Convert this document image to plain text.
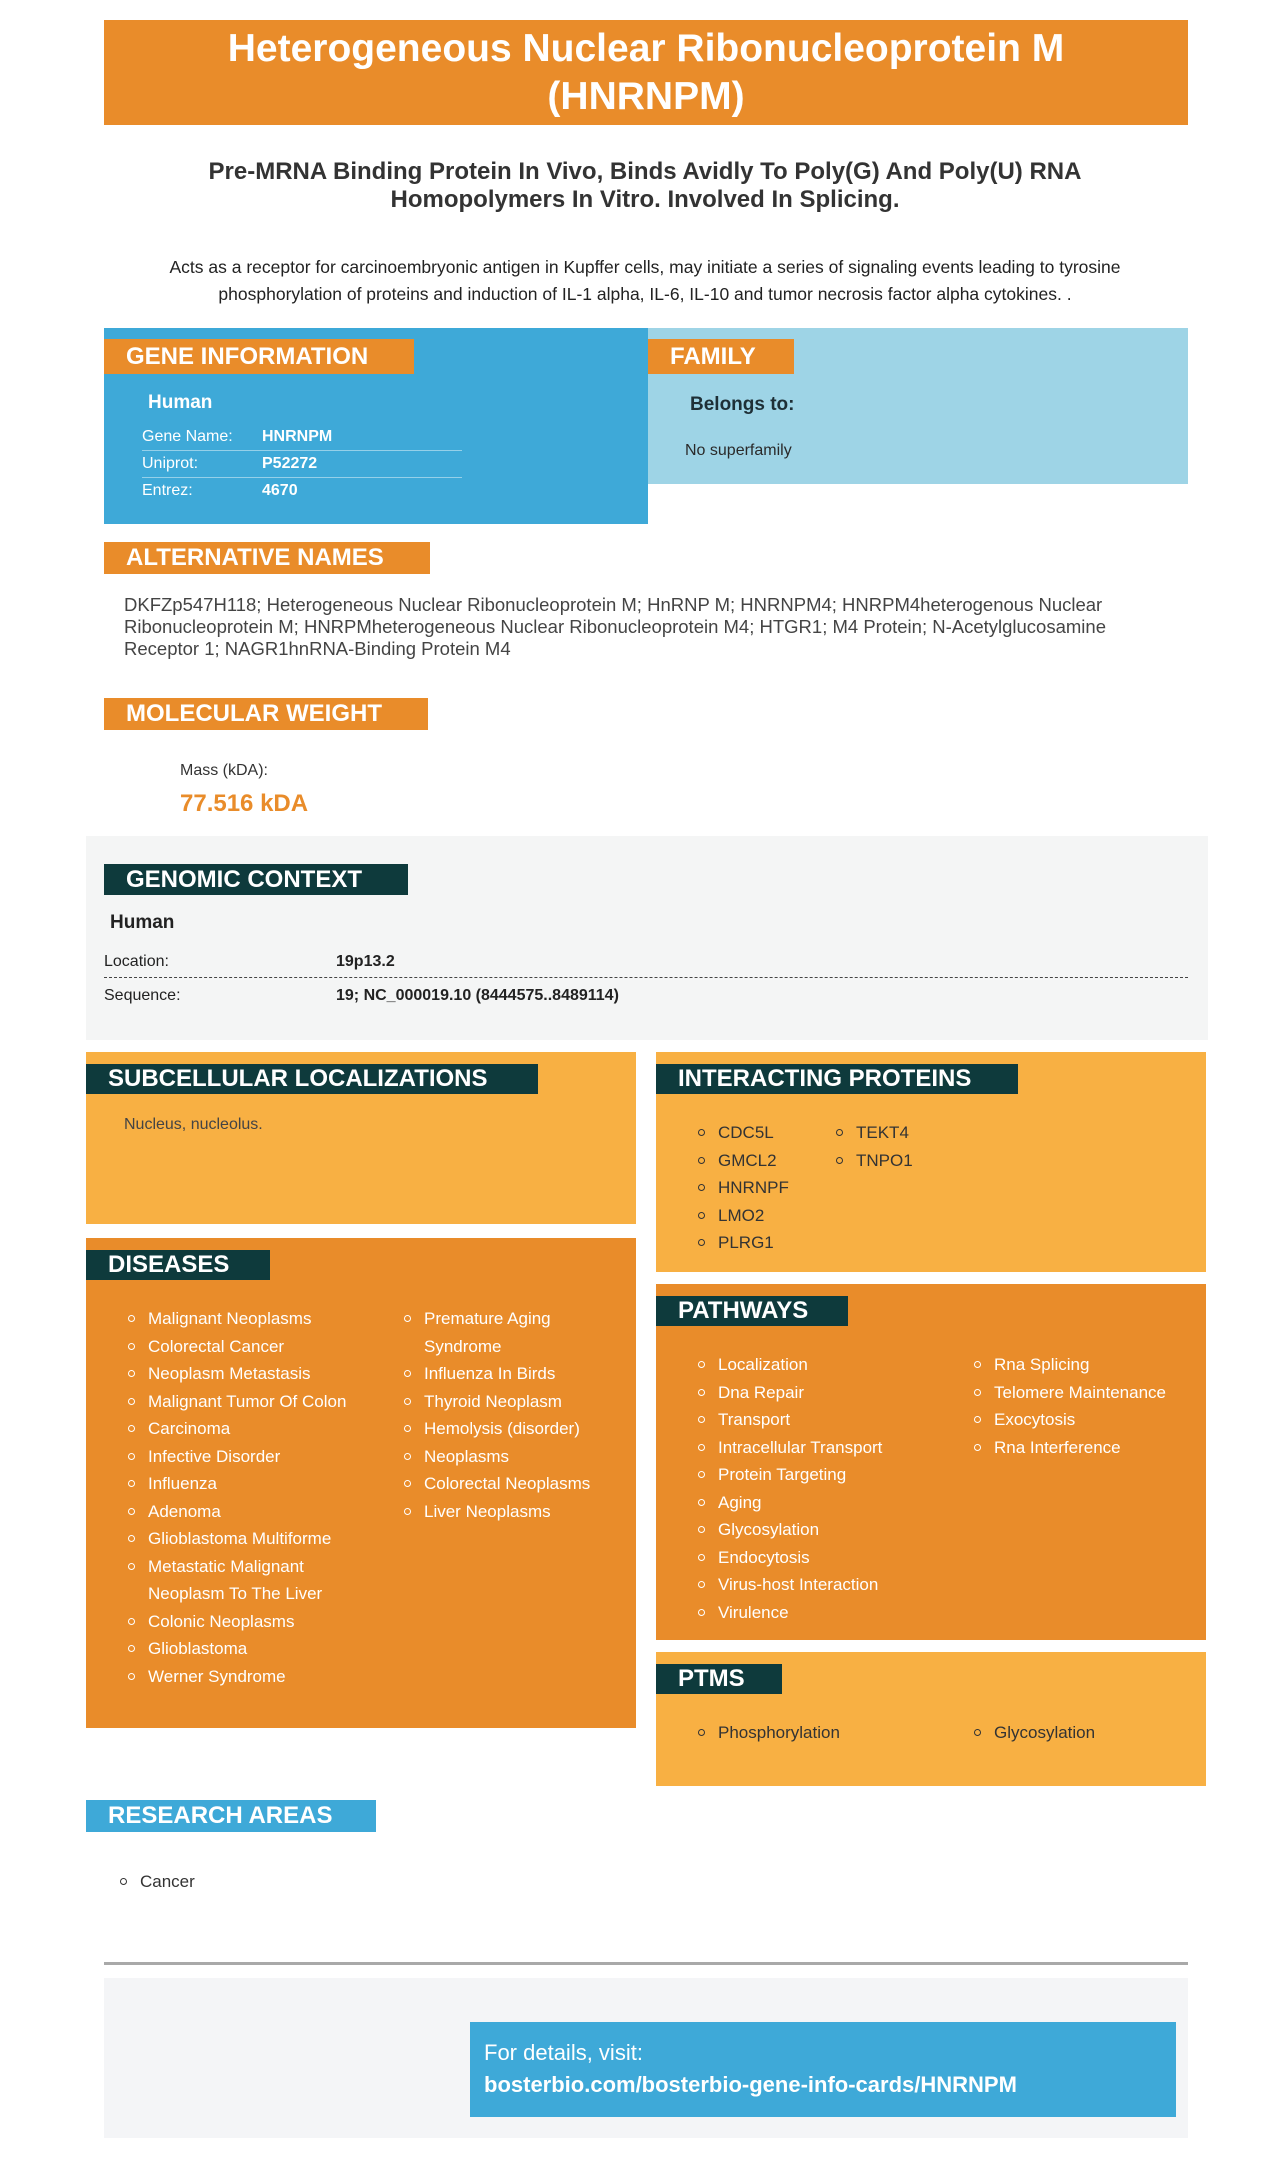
Heterogeneous Nuclear Ribonucleoprotein M (HNRNPM)
Pre-MRNA Binding Protein In Vivo, Binds Avidly To Poly(G) And Poly(U) RNA Homopolymers In Vitro. Involved In Splicing.
Acts as a receptor for carcinoembryonic antigen in Kupffer cells, may initiate a series of signaling events leading to tyrosine phosphorylation of proteins and induction of IL-1 alpha, IL-6, IL-10 and tumor necrosis factor alpha cytokines. .
GENE INFORMATION
Human
Gene Name:	HNRNPM
Uniprot:	P52272
Entrez:	4670
FAMILY
Belongs to:
No superfamily
ALTERNATIVE NAMES
DKFZp547H118; Heterogeneous Nuclear Ribonucleoprotein M; HnRNP M; HNRNPM4; HNRPM4heterogenous Nuclear Ribonucleoprotein M; HNRPMheterogeneous Nuclear Ribonucleoprotein M4; HTGR1; M4 Protein; N-Acetylglucosamine Receptor 1; NAGR1hnRNA-Binding Protein M4
MOLECULAR WEIGHT
Mass (kDA):
77.516 kDA
GENOMIC CONTEXT
Human
Location:	19p13.2
Sequence:	19; NC_000019.10 (8444575..8489114)
SUBCELLULAR LOCALIZATIONS
Nucleus, nucleolus.
INTERACTING PROTEINS
CDC5L
GMCL2
HNRNPF
LMO2
PLRG1
TEKT4
TNPO1
DISEASES
Malignant Neoplasms
Colorectal Cancer
Neoplasm Metastasis
Malignant Tumor Of Colon
Carcinoma
Infective Disorder
Influenza
Adenoma
Glioblastoma Multiforme
Metastatic Malignant Neoplasm To The Liver
Colonic Neoplasms
Glioblastoma
Werner Syndrome
Premature Aging Syndrome
Influenza In Birds
Thyroid Neoplasm
Hemolysis (disorder)
Neoplasms
Colorectal Neoplasms
Liver Neoplasms
PATHWAYS
Localization
Dna Repair
Transport
Intracellular Transport
Protein Targeting
Aging
Glycosylation
Endocytosis
Virus-host Interaction
Virulence
Rna Splicing
Telomere Maintenance
Exocytosis
Rna Interference
PTMS
Phosphorylation	Glycosylation
RESEARCH AREAS
Cancer
For details, visit:
bosterbio.com/bosterbio-gene-info-cards/HNRNPM
